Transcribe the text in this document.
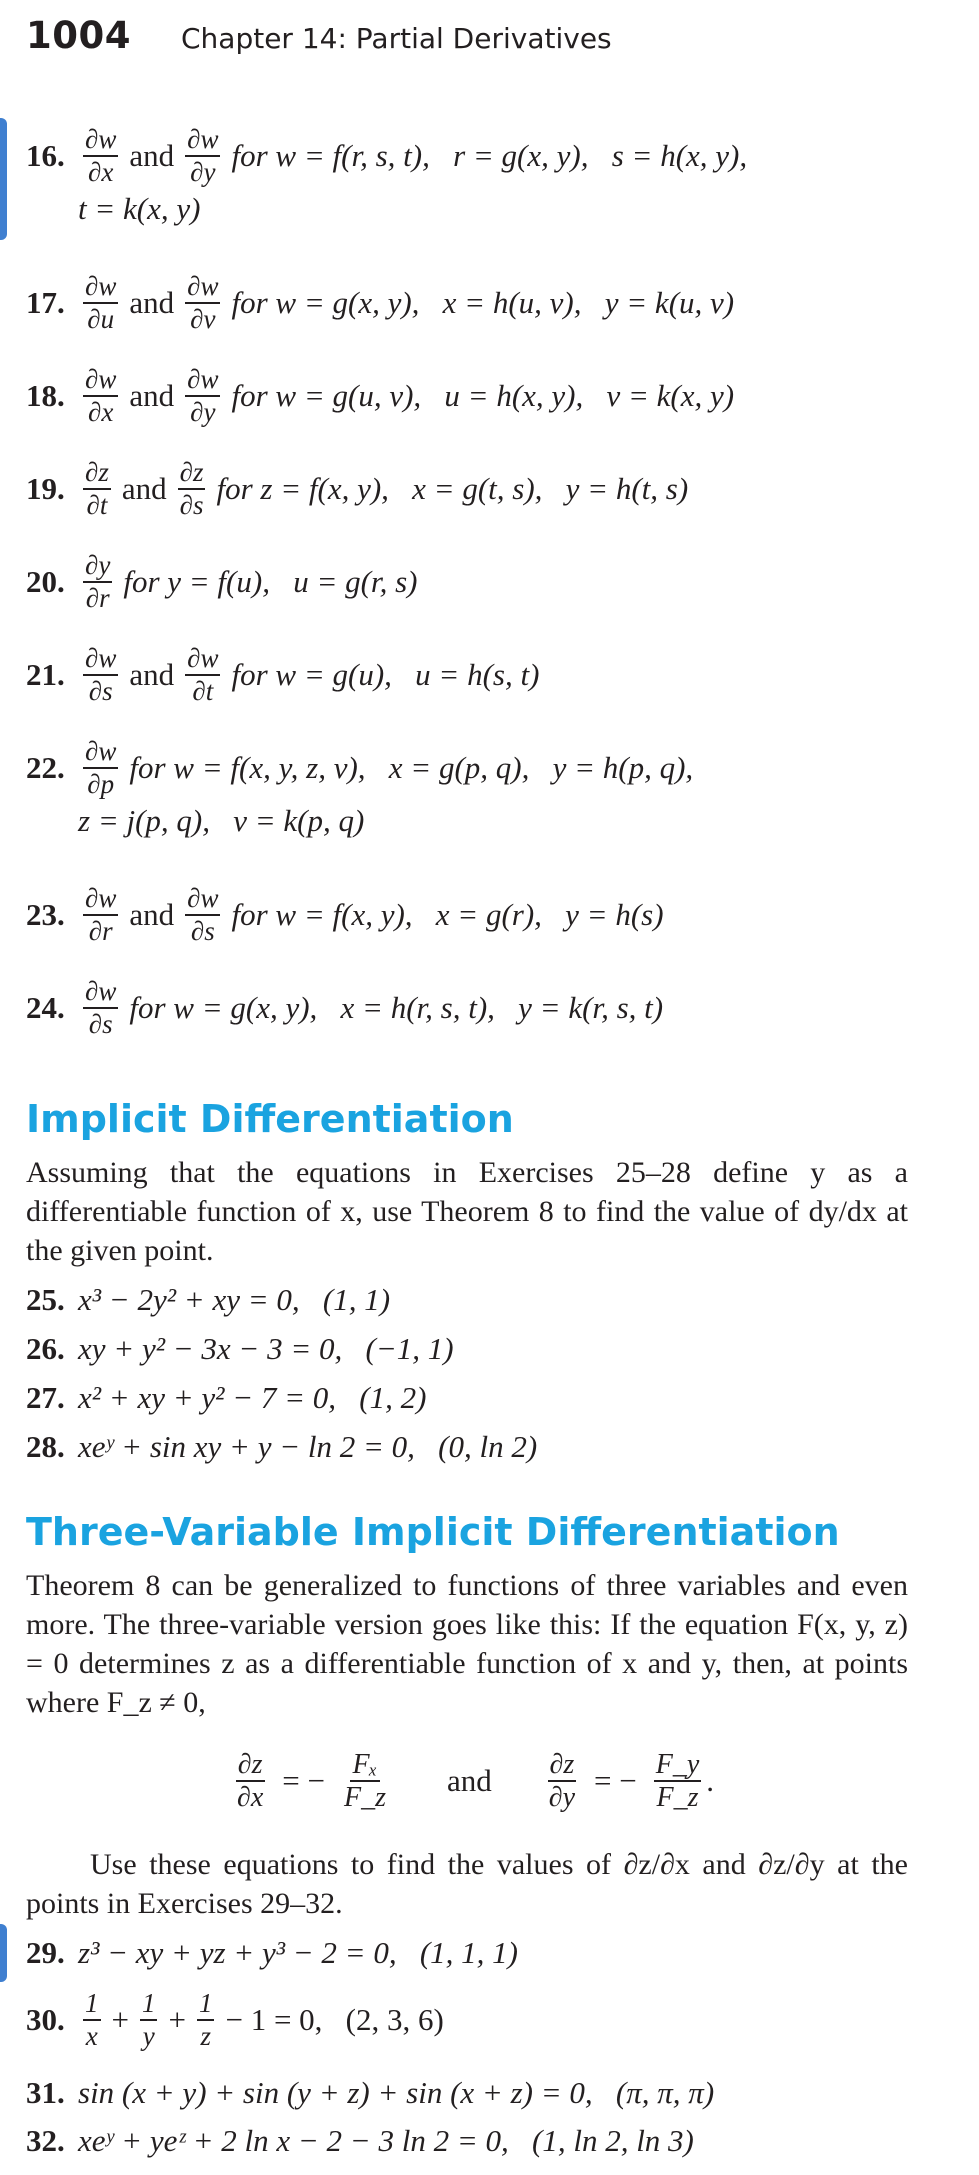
1004 Chapter 14: Partial Derivatives
16. $\frac{\partial w}{\partial x}$ and $\frac{\partial w}{\partial y}$ for w = f(r, s, t),   r = g(x, y),   s = h(x, y),
t = k(x, y)
17. $\frac{\partial w}{\partial u}$ and $\frac{\partial w}{\partial v}$ for w = g(x, y),   x = h(u, v),   y = k(u, v)
18. $\frac{\partial w}{\partial x}$ and $\frac{\partial w}{\partial y}$ for w = g(u, v),   u = h(x, y),   v = k(x, y)
19. $\frac{\partial z}{\partial t}$ and $\frac{\partial z}{\partial s}$ for z = f(x, y),   x = g(t, s),   y = h(t, s)
20. $\frac{\partial y}{\partial r}$ for y = f(u),   u = g(r, s)
21. $\frac{\partial w}{\partial s}$ and $\frac{\partial w}{\partial t}$ for w = g(u),   u = h(s, t)
22. $\frac{\partial w}{\partial p}$ for w = f(x, y, z, v),   x = g(p, q),   y = h(p, q),
z = j(p, q),   v = k(p, q)
23. $\frac{\partial w}{\partial r}$ and $\frac{\partial w}{\partial s}$ for w = f(x, y),   x = g(r),   y = h(s)
24. $\frac{\partial w}{\partial s}$ for w = g(x, y),   x = h(r, s, t),   y = k(r, s, t)
Implicit Differentiation
Assuming that the equations in Exercises 25–28 define y as a differentiable function of x, use Theorem 8 to find the value of dy/dx at the given point.
25. x³ − 2y² + xy = 0,   (1, 1)
26. xy + y² − 3x − 3 = 0,   (−1, 1)
27. x² + xy + y² − 7 = 0,   (1, 2)
28. xeʸ + sin xy + y − ln 2 = 0,   (0, ln 2)
Three-Variable Implicit Differentiation
Theorem 8 can be generalized to functions of three variables and even more. The three-variable version goes like this: If the equation F(x, y, z) = 0 determines z as a differentiable function of x and y, then, at points where F_z ≠ 0,
$\frac{\partial z}{\partial x}$ = − $\frac{\text{Fₓ}}{F\_z}$ and $\frac{\partial z}{\partial y}$ = − $\frac{F\_y}{F\_z}$ .
Use these equations to find the values of ∂z/∂x and ∂z/∂y at the points in Exercises 29–32.
29. z³ − xy + yz + y³ − 2 = 0,   (1, 1, 1)
30. $\frac{1}{x} + \frac{1}{y} + \frac{1}{z} - 1 = 0$,   (2, 3, 6)
31. sin (x + y) + sin (y + z) + sin (x + z) = 0,   (π, π, π)
32. xeʸ + yeᶻ + 2 ln x − 2 − 3 ln 2 = 0,   (1, ln 2, ln 3)
